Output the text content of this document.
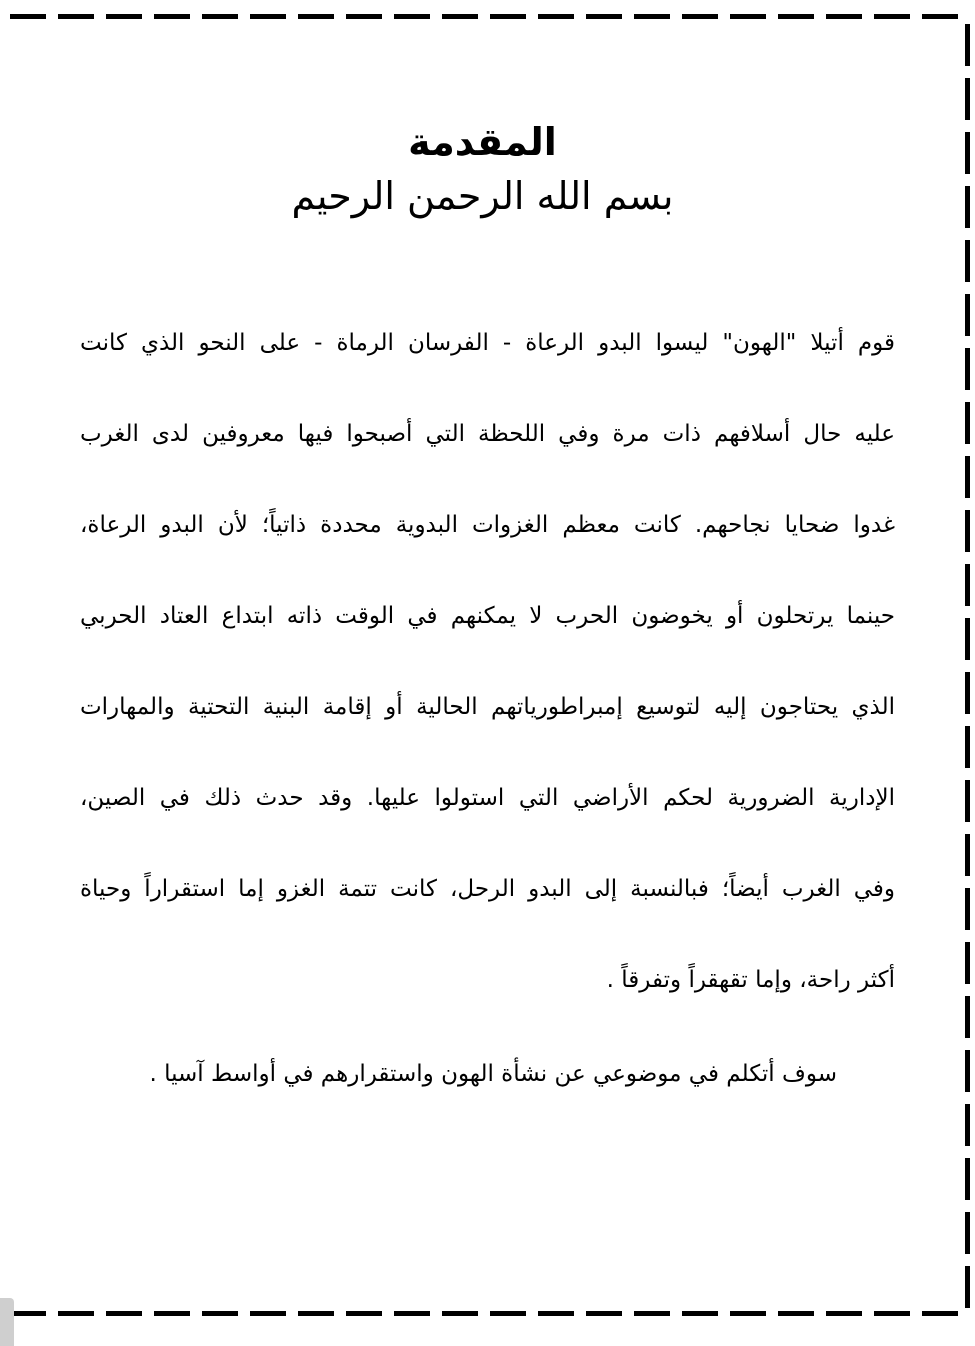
المقدمة
بسم الله الرحمن الرحيم
قوم أتيلا "الهون" ليسوا البدو الرعاة - الفرسان الرماة - على النحو الذي كانت
عليه حال أسلافهم ذات مرة وفي اللحظة التي أصبحوا فيها معروفين لدى الغرب
غدوا ضحايا نجاحهم. كانت معظم الغزوات البدوية محددة ذاتياً؛ لأن البدو الرعاة،
حينما يرتحلون أو يخوضون الحرب لا يمكنهم في الوقت ذاته ابتداع العتاد الحربي
الذي يحتاجون إليه لتوسيع إمبراطورياتهم الحالية أو إقامة البنية التحتية والمهارات
الإدارية الضرورية لحكم الأراضي التي استولوا عليها. وقد حدث ذلك في الصين،
وفي الغرب أيضاً؛ فبالنسبة إلى البدو الرحل، كانت تتمة الغزو إما استقراراً وحياة
أكثر راحة، وإما تقهقراً وتفرقاً .
سوف أتكلم في موضوعي عن نشأة الهون واستقرارهم في أواسط آسيا .
